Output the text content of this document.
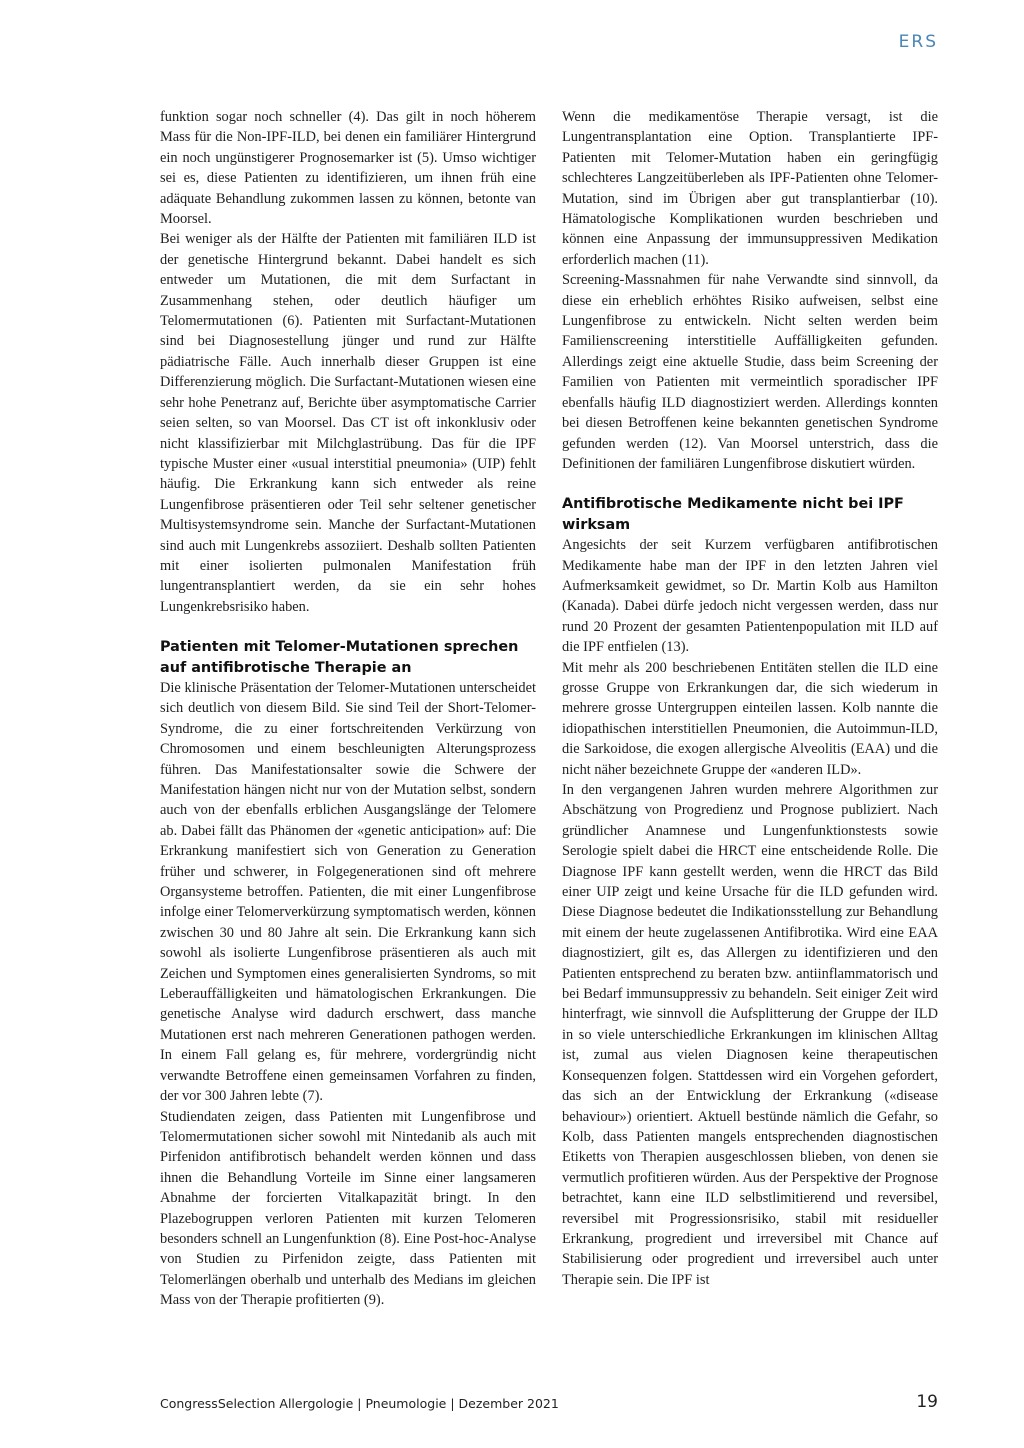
ERS

funktion sogar noch schneller (4). Das gilt in noch höherem Mass für die Non-IPF-ILD, bei denen ein familiärer Hintergrund ein noch ungünstigerer Prognosemarker ist (5). Umso wichtiger sei es, diese Patienten zu identifizieren, um ihnen früh eine adäquate Behandlung zukommen lassen zu können, betonte van Moorsel.

Bei weniger als der Hälfte der Patienten mit familiären ILD ist der genetische Hintergrund bekannt. Dabei handelt es sich entweder um Mutationen, die mit dem Surfactant in Zusammenhang stehen, oder deutlich häufiger um Telomermutationen (6). Patienten mit Surfactant-Mutationen sind bei Diagnosestellung jünger und rund zur Hälfte pädiatrische Fälle. Auch innerhalb dieser Gruppen ist eine Differenzierung möglich. Die Surfactant-Mutationen wiesen eine sehr hohe Penetranz auf, Berichte über asymptomatische Carrier seien selten, so van Moorsel. Das CT ist oft inkonklusiv oder nicht klassifizierbar mit Milchglastrübung. Das für die IPF typische Muster einer «usual interstitial pneumonia» (UIP) fehlt häufig. Die Erkrankung kann sich entweder als reine Lungenfibrose präsentieren oder Teil sehr seltener genetischer Multisystemsyndrome sein. Manche der Surfactant-Mutationen sind auch mit Lungenkrebs assoziiert. Deshalb sollten Patienten mit einer isolierten pulmonalen Manifestation früh lungentransplantiert werden, da sie ein sehr hohes Lungenkrebsrisiko haben.

Patienten mit Telomer-Mutationen sprechen auf antifibrotische Therapie an

Die klinische Präsentation der Telomer-Mutationen unterscheidet sich deutlich von diesem Bild. Sie sind Teil der Short-Telomer-Syndrome, die zu einer fortschreitenden Verkürzung von Chromosomen und einem beschleunigten Alterungsprozess führen. Das Manifestationsalter sowie die Schwere der Manifestation hängen nicht nur von der Mutation selbst, sondern auch von der ebenfalls erblichen Ausgangslänge der Telomere ab. Dabei fällt das Phänomen der «genetic anticipation» auf: Die Erkrankung manifestiert sich von Generation zu Generation früher und schwerer, in Folgegenerationen sind oft mehrere Organsysteme betroffen. Patienten, die mit einer Lungenfibrose infolge einer Telomerverkürzung symptomatisch werden, können zwischen 30 und 80 Jahre alt sein. Die Erkrankung kann sich sowohl als isolierte Lungenfibrose präsentieren als auch mit Zeichen und Symptomen eines generalisierten Syndroms, so mit Leberauffälligkeiten und hämatologischen Erkrankungen. Die genetische Analyse wird dadurch erschwert, dass manche Mutationen erst nach mehreren Generationen pathogen werden. In einem Fall gelang es, für mehrere, vordergründig nicht verwandte Betroffene einen gemeinsamen Vorfahren zu finden, der vor 300 Jahren lebte (7).

Studiendaten zeigen, dass Patienten mit Lungenfibrose und Telomermutationen sicher sowohl mit Nintedanib als auch mit Pirfenidon antifibrotisch behandelt werden können und dass ihnen die Behandlung Vorteile im Sinne einer langsameren Abnahme der forcierten Vitalkapazität bringt. In den Plazebogruppen verloren Patienten mit kurzen Telomeren besonders schnell an Lungenfunktion (8). Eine Post-hoc-Analyse von Studien zu Pirfenidon zeigte, dass Patienten mit Telomerlängen oberhalb und unterhalb des Medians im gleichen Mass von der Therapie profitierten (9).

Wenn die medikamentöse Therapie versagt, ist die Lungentransplantation eine Option. Transplantierte IPF-Patienten mit Telomer-Mutation haben ein geringfügig schlechteres Langzeitüberleben als IPF-Patienten ohne Telomer-Mutation, sind im Übrigen aber gut transplantierbar (10). Hämatologische Komplikationen wurden beschrieben und können eine Anpassung der immunsuppressiven Medikation erforderlich machen (11).

Screening-Massnahmen für nahe Verwandte sind sinnvoll, da diese ein erheblich erhöhtes Risiko aufweisen, selbst eine Lungenfibrose zu entwickeln. Nicht selten werden beim Familienscreening interstitielle Auffälligkeiten gefunden. Allerdings zeigt eine aktuelle Studie, dass beim Screening der Familien von Patienten mit vermeintlich sporadischer IPF ebenfalls häufig ILD diagnostiziert werden. Allerdings konnten bei diesen Betroffenen keine bekannten genetischen Syndrome gefunden werden (12). Van Moorsel unterstrich, dass die Definitionen der familiären Lungenfibrose diskutiert würden.

Antifibrotische Medikamente nicht bei IPF wirksam

Angesichts der seit Kurzem verfügbaren antifibrotischen Medikamente habe man der IPF in den letzten Jahren viel Aufmerksamkeit gewidmet, so Dr. Martin Kolb aus Hamilton (Kanada). Dabei dürfe jedoch nicht vergessen werden, dass nur rund 20 Prozent der gesamten Patientenpopulation mit ILD auf die IPF entfielen (13).

Mit mehr als 200 beschriebenen Entitäten stellen die ILD eine grosse Gruppe von Erkrankungen dar, die sich wiederum in mehrere grosse Untergruppen einteilen lassen. Kolb nannte die idiopathischen interstitiellen Pneumonien, die Autoimmun-ILD, die Sarkoidose, die exogen allergische Alveolitis (EAA) und die nicht näher bezeichnete Gruppe der «anderen ILD».

In den vergangenen Jahren wurden mehrere Algorithmen zur Abschätzung von Progredienz und Prognose publiziert. Nach gründlicher Anamnese und Lungenfunktionstests sowie Serologie spielt dabei die HRCT eine entscheidende Rolle. Die Diagnose IPF kann gestellt werden, wenn die HRCT das Bild einer UIP zeigt und keine Ursache für die ILD gefunden wird. Diese Diagnose bedeutet die Indikationsstellung zur Behandlung mit einem der heute zugelassenen Antifibrotika. Wird eine EAA diagnostiziert, gilt es, das Allergen zu identifizieren und den Patienten entsprechend zu beraten bzw. antiinflammatorisch und bei Bedarf immunsuppressiv zu behandeln. Seit einiger Zeit wird hinterfragt, wie sinnvoll die Aufsplitterung der Gruppe der ILD in so viele unterschiedliche Erkrankungen im klinischen Alltag ist, zumal aus vielen Diagnosen keine therapeutischen Konsequenzen folgen. Stattdessen wird ein Vorgehen gefordert, das sich an der Entwicklung der Erkrankung («disease behaviour») orientiert. Aktuell bestünde nämlich die Gefahr, so Kolb, dass Patienten mangels entsprechenden diagnostischen Etiketts von Therapien ausgeschlossen blieben, von denen sie vermutlich profitieren würden. Aus der Perspektive der Prognose betrachtet, kann eine ILD selbstlimitierend und reversibel, reversibel mit Progressionsrisiko, stabil mit residueller Erkrankung, progredient und irreversibel mit Chance auf Stabilisierung oder progredient und irreversibel auch unter Therapie sein. Die IPF ist

CongressSelection Allergologie | Pneumologie | Dezember 2021	19
